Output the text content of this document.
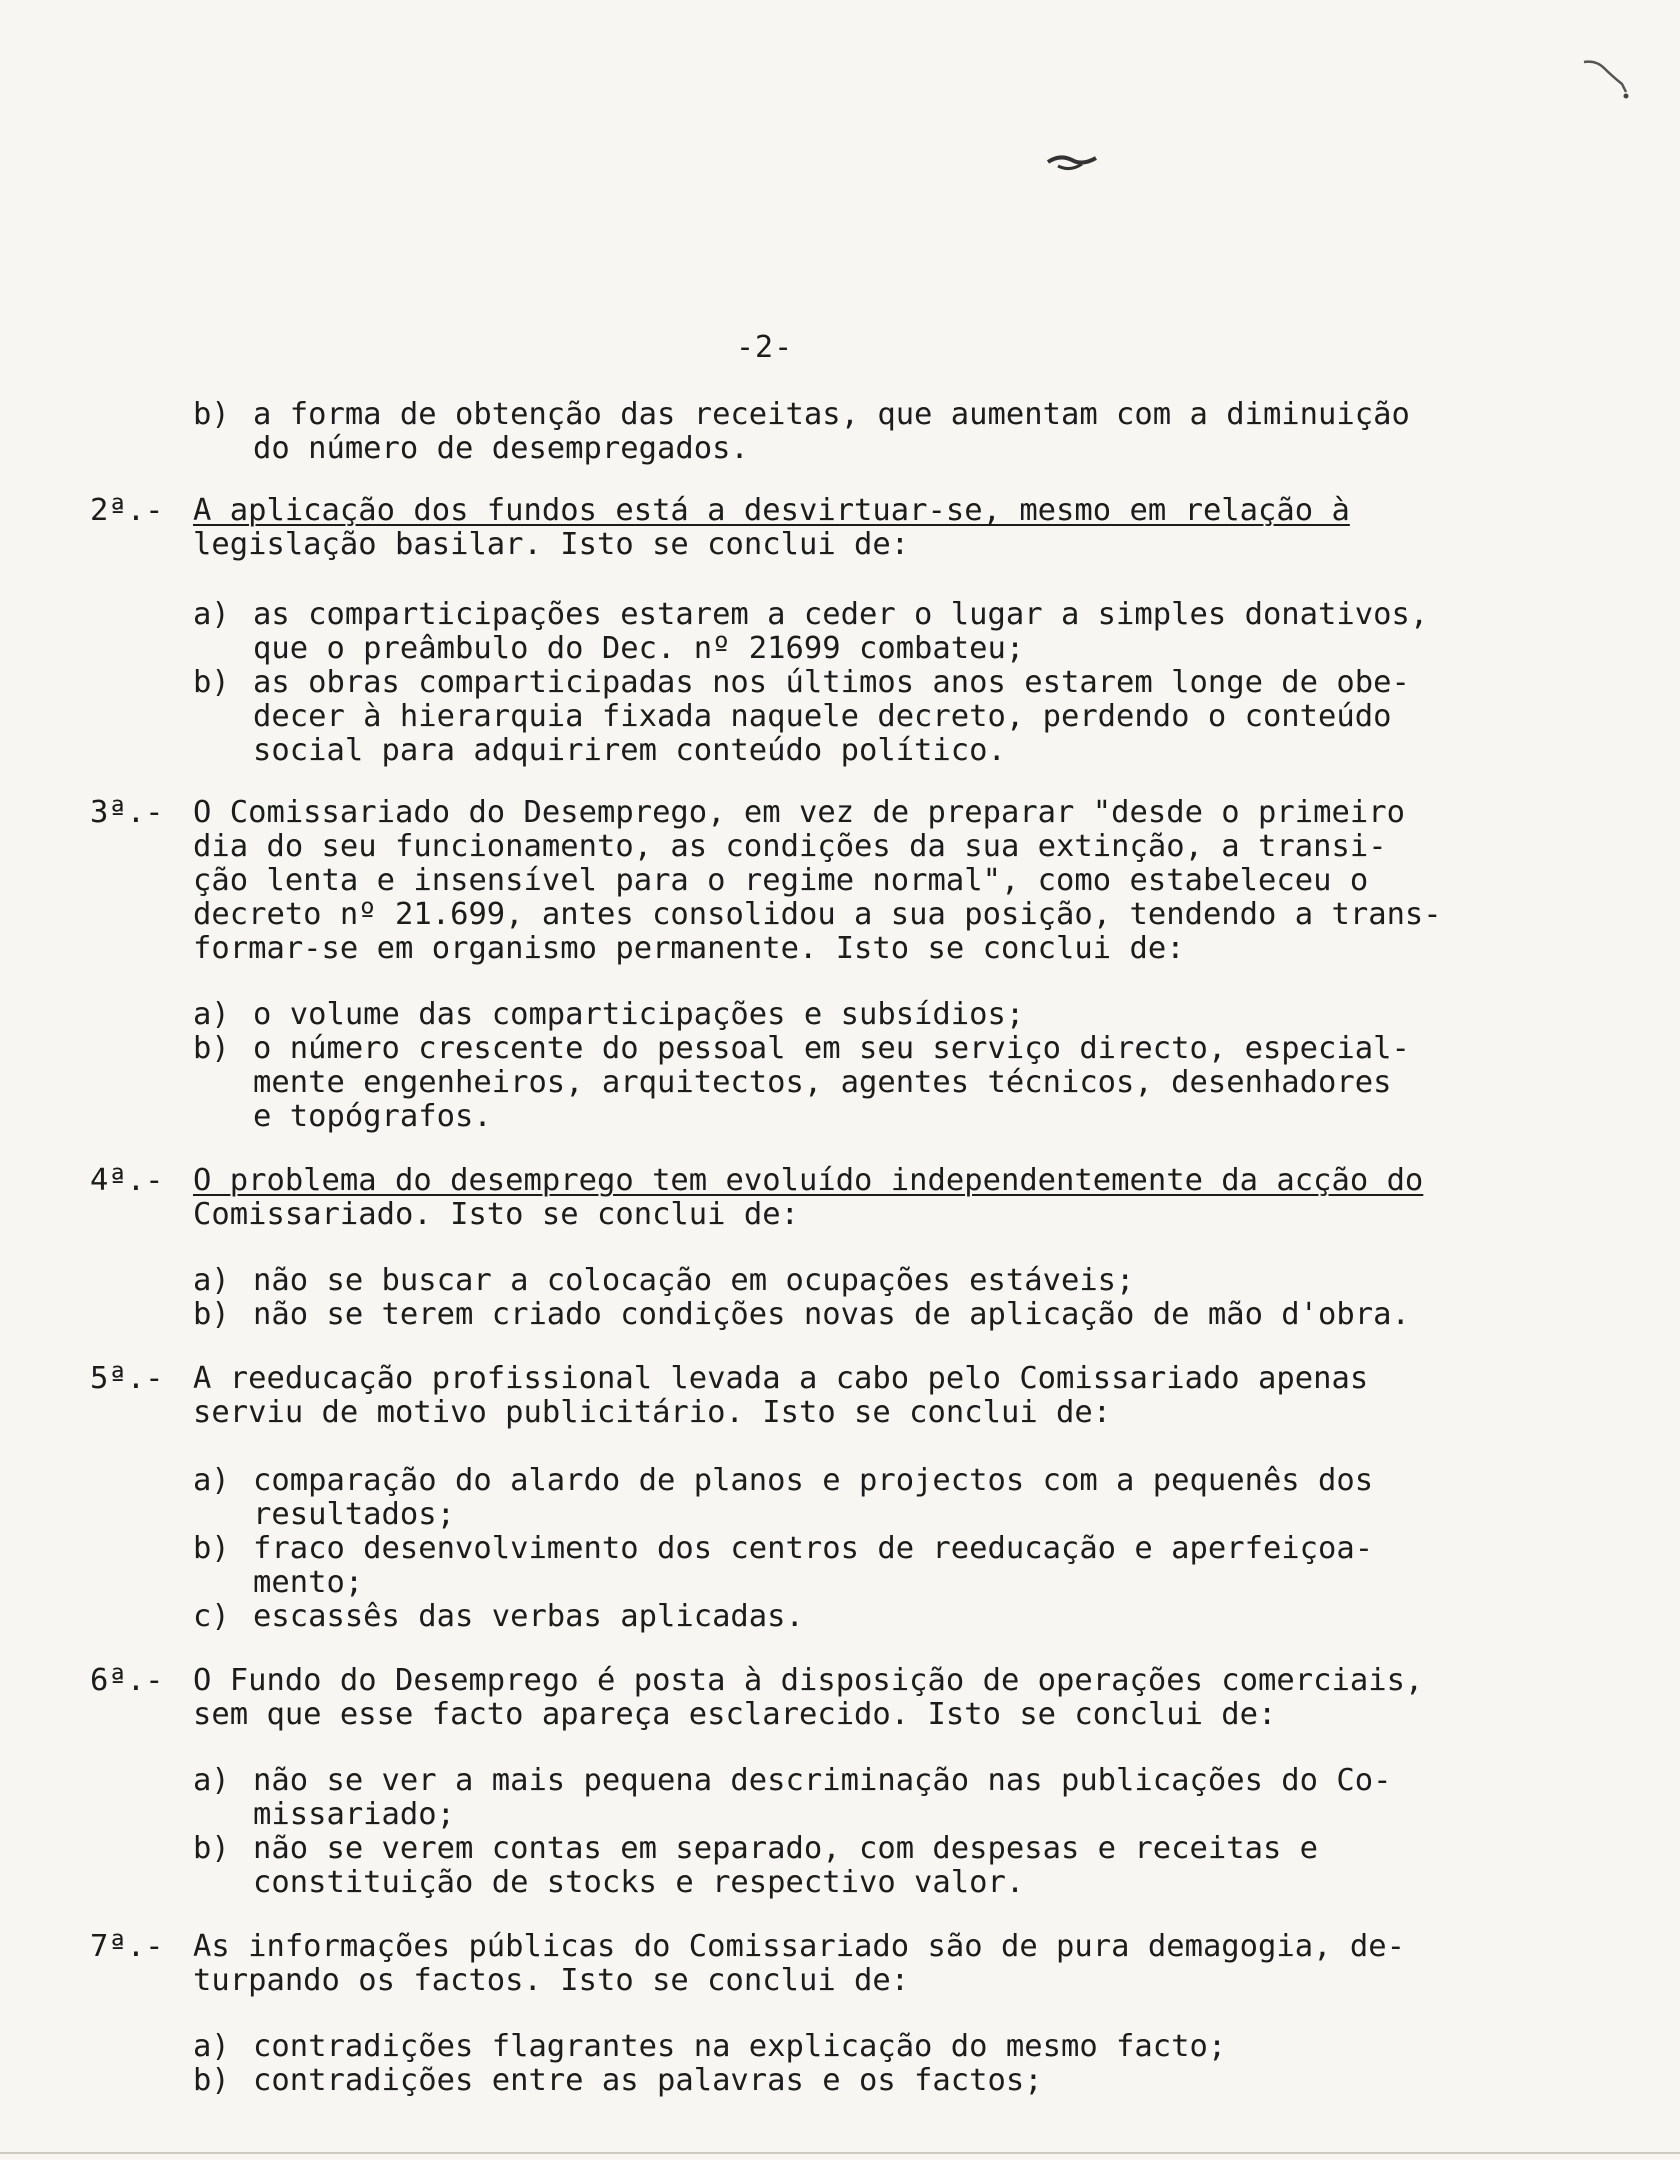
-2-
b) a forma de obtenção das receitas, que aumentam com a diminuição
do número de desempregados.
2ª.- A aplicação dos fundos está a desvirtuar-se, mesmo em relação à
legislação basilar. Isto se conclui de:
a) as comparticipações estarem a ceder o lugar a simples donativos,
que o preâmbulo do Dec. nº 21699 combateu;
b) as obras comparticipadas nos últimos anos estarem longe de obe-
decer à hierarquia fixada naquele decreto, perdendo o conteúdo
social para adquirirem conteúdo político.
3ª.- O Comissariado do Desemprego, em vez de preparar "desde o primeiro
dia do seu funcionamento, as condições da sua extinção, a transi-
ção lenta e insensível para o regime normal", como estabeleceu o
decreto nº 21.699, antes consolidou a sua posição, tendendo a trans-
formar-se em organismo permanente. Isto se conclui de:
a) o volume das comparticipações e subsídios;
b) o número crescente do pessoal em seu serviço directo, especial-
mente engenheiros, arquitectos, agentes técnicos, desenhadores
e topógrafos.
4ª.- O problema do desemprego tem evoluído independentemente da acção do
Comissariado. Isto se conclui de:
a) não se buscar a colocação em ocupações estáveis;
b) não se terem criado condições novas de aplicação de mão d'obra.
5ª.- A reeducação profissional levada a cabo pelo Comissariado apenas
serviu de motivo publicitário. Isto se conclui de:
a) comparação do alardo de planos e projectos com a pequenês dos
resultados;
b) fraco desenvolvimento dos centros de reeducação e aperfeiçoa-
mento;
c) escassês das verbas aplicadas.
6ª.- O Fundo do Desemprego é posta à disposição de operações comerciais,
sem que esse facto apareça esclarecido. Isto se conclui de:
a) não se ver a mais pequena descriminação nas publicações do Co-
missariado;
b) não se verem contas em separado, com despesas e receitas e
constituição de stocks e respectivo valor.
7ª.- As informações públicas do Comissariado são de pura demagogia, de-
turpando os factos. Isto se conclui de:
a) contradições flagrantes na explicação do mesmo facto;
b) contradições entre as palavras e os factos;
